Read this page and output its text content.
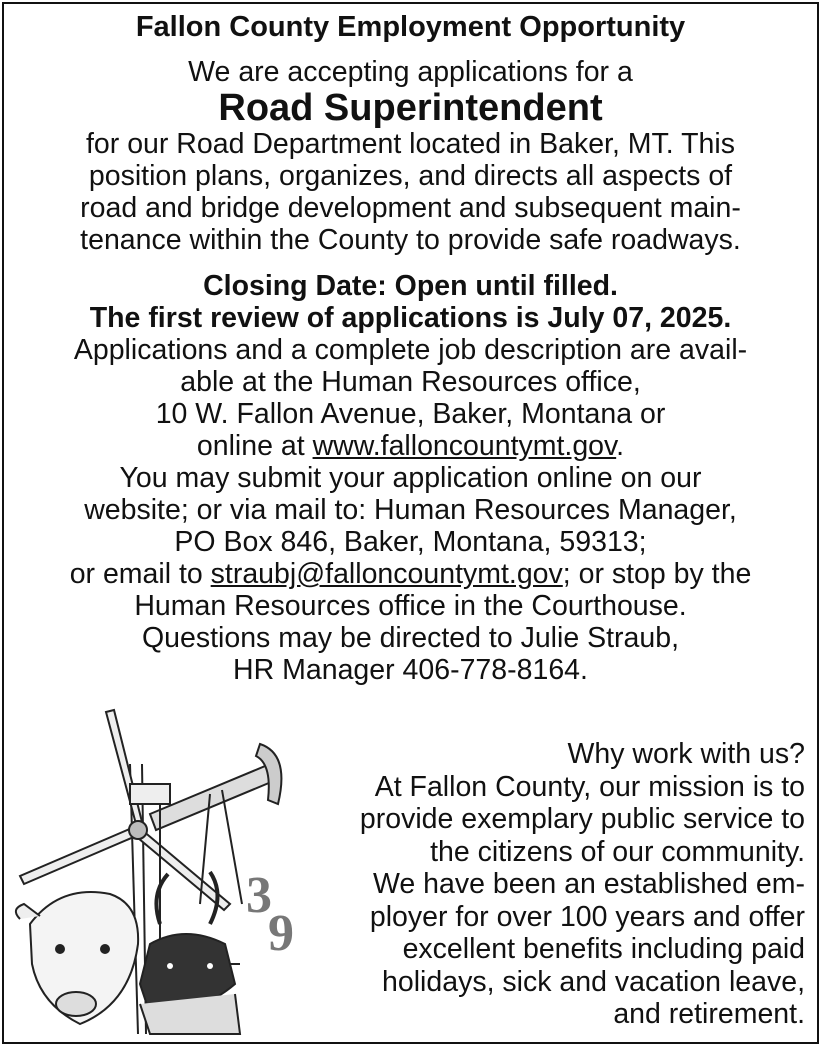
Fallon County Employment Opportunity
We are accepting applications for a
Road Superintendent
for our Road Department located in Baker, MT. This
position plans, organizes, and directs all aspects of
road and bridge development and subsequent main-
tenance within the County to provide safe roadways.
Closing Date: Open until filled.
The first review of applications is July 07, 2025.
Applications and a complete job description are avail-
able at the Human Resources office,
10 W. Fallon Avenue, Baker, Montana or
online at www.falloncountymt.gov.
You may submit your application online on our
website; or via mail to: Human Resources Manager,
PO Box 846, Baker, Montana, 59313;
or email to straubj@falloncountymt.gov; or stop by the
Human Resources office in the Courthouse.
Questions may be directed to Julie Straub,
HR Manager 406-778-8164.
3
9
Why work with us?
At Fallon County, our mission is to
provide exemplary public service to
the citizens of our community.
We have been an established em-
ployer for over 100 years and offer
excellent benefits including paid
holidays, sick and vacation leave,
and retirement.
